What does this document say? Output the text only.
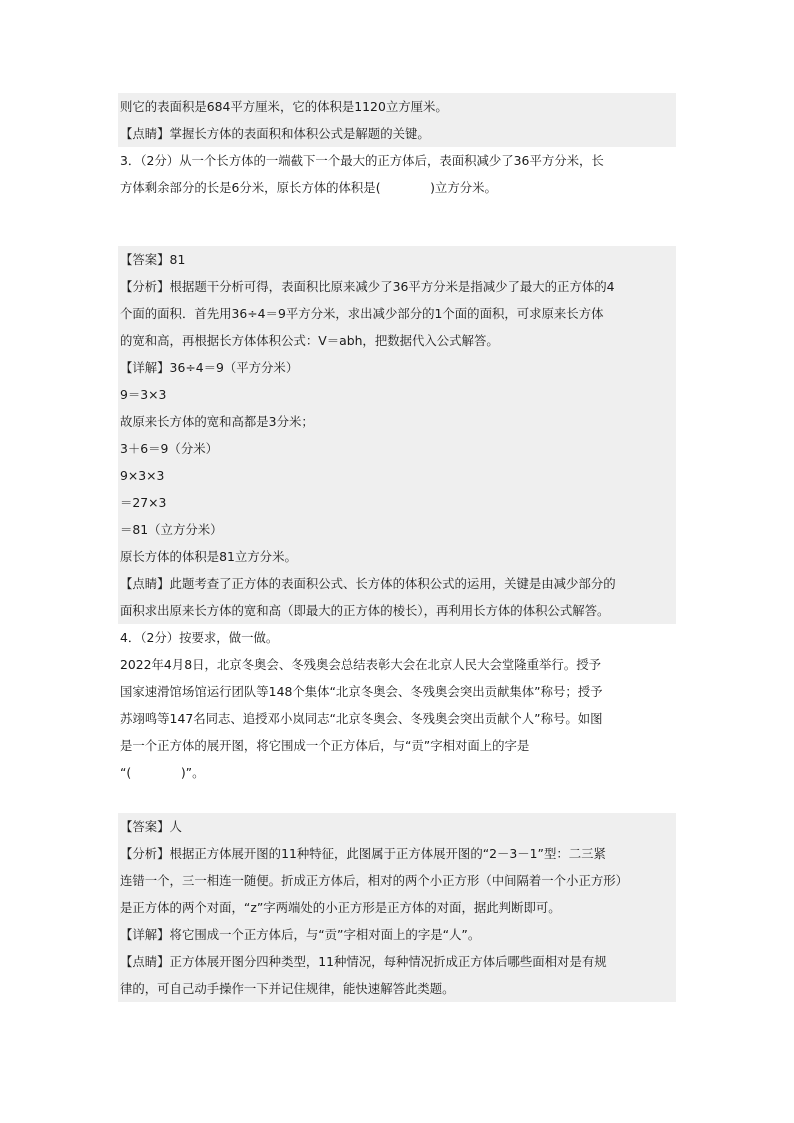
则它的表面积是684平方厘米，它的体积是1120立方厘米。
【点睛】掌握长方体的表面积和体积公式是解题的关键。
3．（2分）从一个长方体的一端截下一个最大的正方体后，表面积减少了36平方分米，长
方体剩余部分的长是6分米，原长方体的体积是(　　　　)立方分米。
【答案】81
【分析】根据题干分析可得，表面积比原来减少了36平方分米是指减少了最大的正方体的4
个面的面积．首先用36÷4＝9平方分米，求出减少部分的1个面的面积，可求原来长方体
的宽和高，再根据长方体体积公式：V＝abh，把数据代入公式解答。
【详解】36÷4＝9（平方分米）
9＝3×3
故原来长方体的宽和高都是3分米；
3＋6＝9（分米）
9×3×3
＝27×3
＝81（立方分米）
原长方体的体积是81立方分米。
【点睛】此题考查了正方体的表面积公式、长方体的体积公式的运用，关键是由减少部分的
面积求出原来长方体的宽和高（即最大的正方体的棱长），再利用长方体的体积公式解答。
4．（2分）按要求，做一做。
2022年4月8日，北京冬奥会、冬残奥会总结表彰大会在北京人民大会堂隆重举行。授予
国家速滑馆场馆运行团队等148个集体“北京冬奥会、冬残奥会突出贡献集体”称号；授予
苏翊鸣等147名同志、追授邓小岚同志“北京冬奥会、冬残奥会突出贡献个人”称号。如图
是一个正方体的展开图，将它围成一个正方体后，与“贡”字相对面上的字是
“(　　　　)”。
【答案】人
【分析】根据正方体展开图的11种特征，此图属于正方体展开图的“2－3－1”型：二三紧
连错一个，三一相连一随便。折成正方体后，相对的两个小正方形（中间隔着一个小正方形）
是正方体的两个对面，“z”字两端处的小正方形是正方体的对面，据此判断即可。
【详解】将它围成一个正方体后，与“贡”字相对面上的字是“人”。
【点睛】正方体展开图分四种类型，11种情况，每种情况折成正方体后哪些面相对是有规
律的，可自己动手操作一下并记住规律，能快速解答此类题。
